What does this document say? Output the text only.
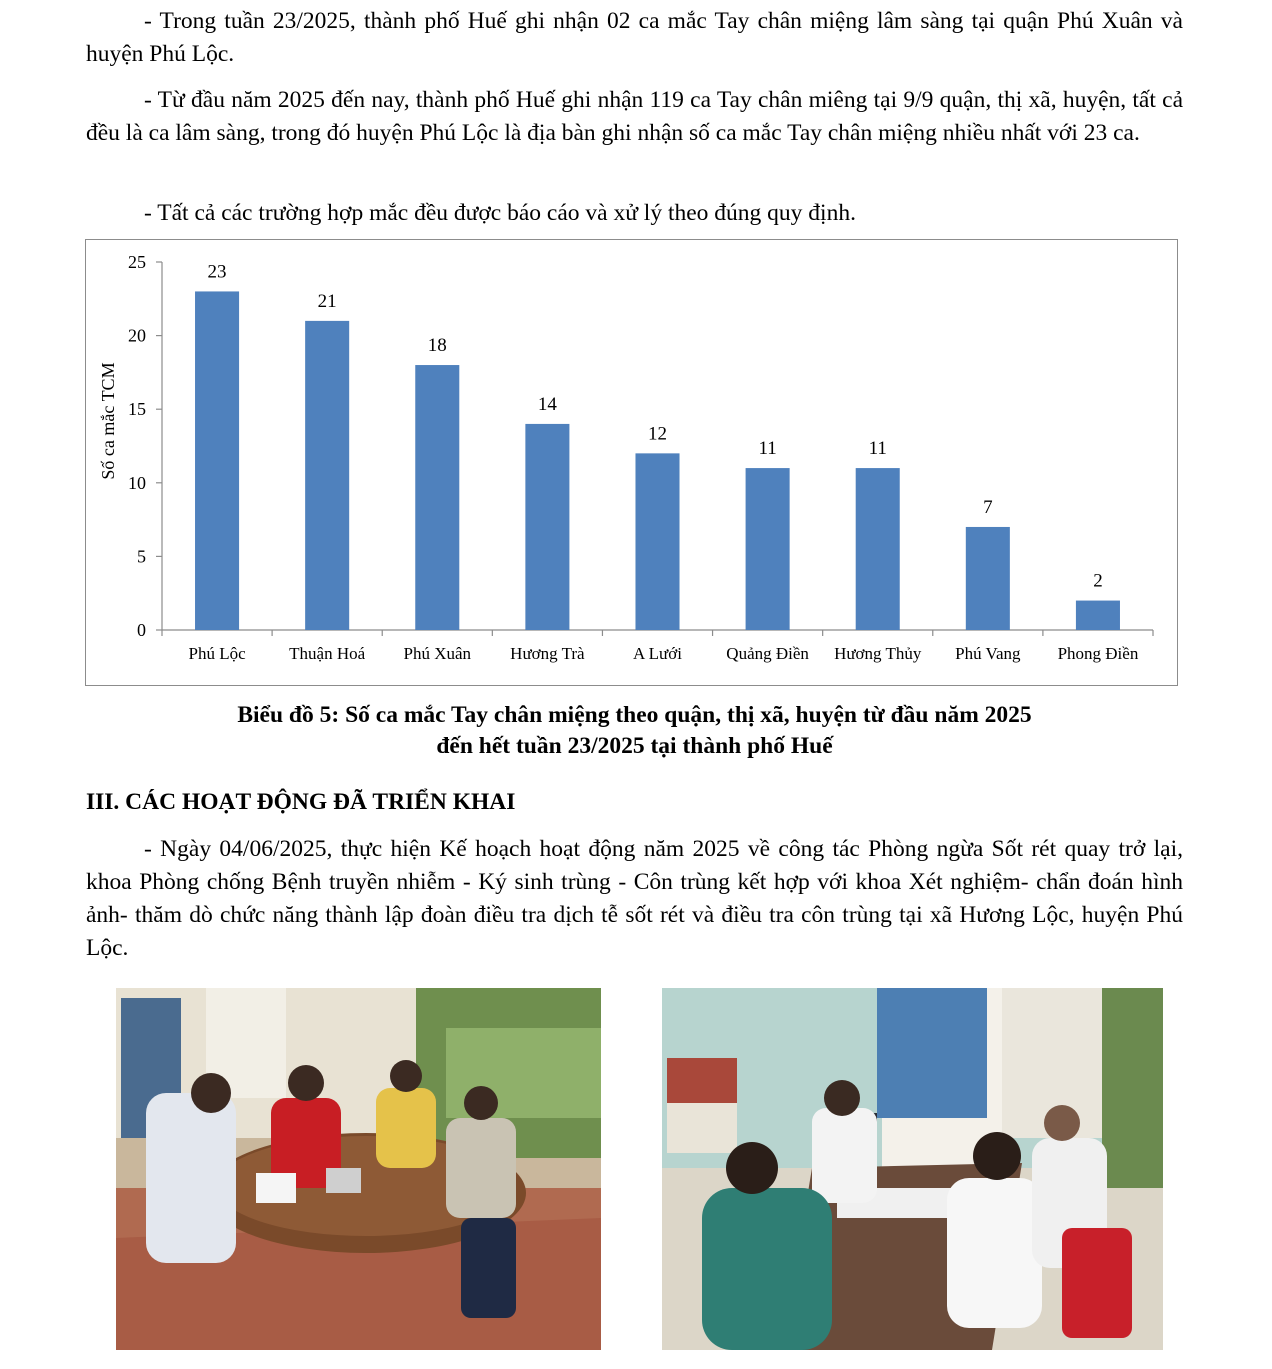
- Trong tuần 23/2025, thành phố Huế ghi nhận 02 ca mắc Tay chân miệng lâm sàng tại quận Phú Xuân và huyện Phú Lộc.

- Từ đầu năm 2025 đến nay, thành phố Huế ghi nhận 119 ca Tay chân miêng tại 9/9 quận, thị xã, huyện, tất cả đều là ca lâm sàng, trong đó huyện Phú Lộc là địa bàn ghi nhận số ca mắc Tay chân miệng nhiều nhất với 23 ca.

- Tất cả các trường hợp mắc đều được báo cáo và xử lý theo đúng quy định.

0
5
10
15
20
25
Số ca mắc TCM
23
Phú Lộc
21
Thuận Hoá
18
Phú Xuân
14
Hương Trà
12
A Lưới
11
Quảng Điền
11
Hương Thủy
7
Phú Vang
2
Phong Điền

Biểu đồ 5: Số ca mắc Tay chân miệng theo quận, thị xã, huyện từ đầu năm 2025

đến hết tuần 23/2025 tại thành phố Huế

III. CÁC HOẠT ĐỘNG ĐÃ TRIỂN KHAI

- Ngày 04/06/2025, thực hiện Kế hoạch hoạt động năm 2025 về công tác Phòng ngừa Sốt rét quay trở lại, khoa Phòng chống Bệnh truyền nhiễm - Ký sinh trùng - Côn trùng kết hợp với khoa Xét nghiệm- chẩn đoán hình ảnh- thăm dò chức năng thành lập đoàn điều tra dịch tễ sốt rét và điều tra côn trùng tại xã Hương Lộc, huyện Phú Lộc.
